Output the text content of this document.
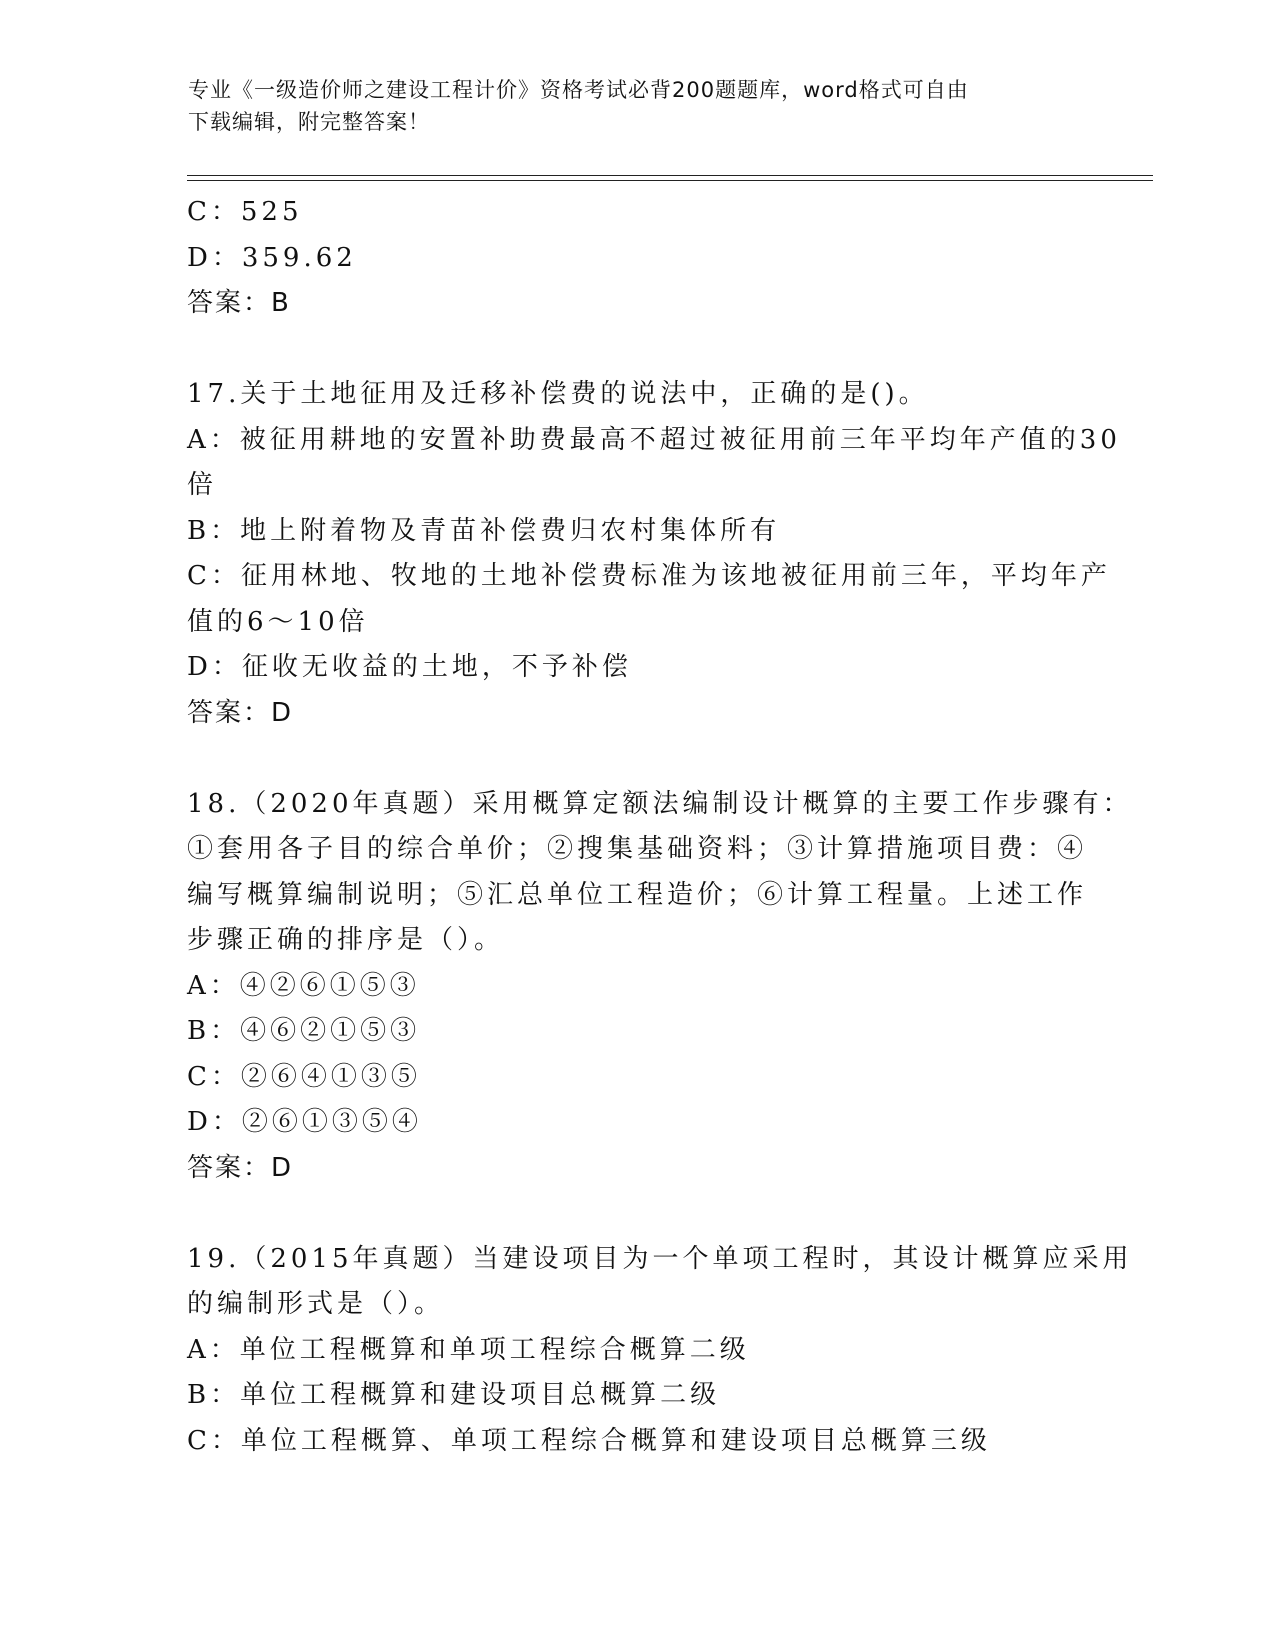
专业《一级造价师之建设工程计价》资格考试必背200题题库，word格式可自由
下载编辑，附完整答案！
C：525
D：359.62
答案：B
17.关于土地征用及迁移补偿费的说法中，正确的是()。
A：被征用耕地的安置补助费最高不超过被征用前三年平均年产值的30
倍
B：地上附着物及青苗补偿费归农村集体所有
C：征用林地、牧地的土地补偿费标准为该地被征用前三年，平均年产
值的6～10倍
D：征收无收益的土地，不予补偿
答案：D
18.（2020年真题）采用概算定额法编制设计概算的主要工作步骤有：
①套用各子目的综合单价；②搜集基础资料；③计算措施项目费：④
编写概算编制说明；⑤汇总单位工程造价；⑥计算工程量。上述工作
步骤正确的排序是（）。
A：④②⑥①⑤③
B：④⑥②①⑤③
C：②⑥④①③⑤
D：②⑥①③⑤④
答案：D
19.（2015年真题）当建设项目为一个单项工程时，其设计概算应采用
的编制形式是（）。
A：单位工程概算和单项工程综合概算二级
B：单位工程概算和建设项目总概算二级
C：单位工程概算、单项工程综合概算和建设项目总概算三级
